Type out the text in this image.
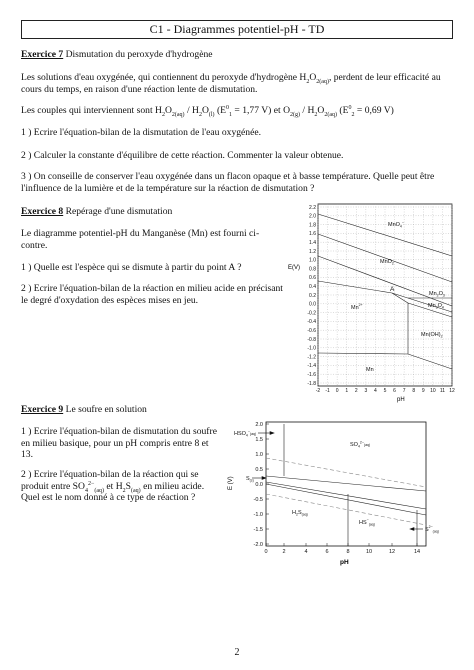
C1 - Diagrammes potentiel-pH - TD
Exercice 7 Dismutation du peroxyde d'hydrogène
Les solutions d'eau oxygénée, qui contiennent du peroxyde d'hydrogène $H_2O_{2(aq)}$, perdent de leur efficacité au cours du temps, en raison d'une réaction lente de dismutation.
Les couples qui interviennent sont $H_2O_{2(aq)} / H_2O_{(l)}$ ($E^0_1 = 1,77$ V) et $O_{2(g)} / H_2O_{2(aq)}$ ($E^0_2 = 0,69$ V)
1 ) Ecrire l'équation-bilan de la dismutation de l'eau oxygénée.
2 ) Calculer la constante d'équilibre de cette réaction. Commenter la valeur obtenue.
3 ) On conseille de conserver l'eau oxygénée dans un flacon opaque et à basse température. Quelle peut être l'influence de la lumière et de la température sur la réaction de dismutation ?
Exercice 8 Repérage d'une dismutation
Le diagramme potentiel-pH du Manganèse (Mn) est fourni ci-contre.
1 ) Quelle est l'espèce qui se dismute à partir du point A ?
2 ) Ecrire l'équation-bilan de la réaction en milieu acide en précisant le degré d'oxydation des espèces mises en jeu.
2.2
2.0
1.8
1.6
1.4
1.2
1.0
0.8
0.6
0.4
0.2
0.0
-0.2
-0.4
-0.6
-0.8
-1.0
-1.2
-1.4
-1.6
-1.8
-2 -1 0 1 2 3 4 5 6 7 8 9 10 11 12
E(V)
pH
MnO$_4$−
MnO$_2$
$Mn_2O_3$
$Mn_3O_4$
$Mn^{2+}$
$Mn(OH)_2$
Mn
A
Exercice 9 Le soufre en solution
1 ) Ecrire l'équation-bilan de dismutation du soufre en milieu basique, pour un pH compris entre 8 et 13.
2 ) Ecrire l'équation-bilan de la réaction qui se produit entre $SO_4^{2-}_{(aq)}$ et $H_2S_{(aq)}$ en milieu acide. Quel est le nom donné à ce type de réaction ?
2.0
1.5
1.0
0.5
0.0
-0.5
-1.0
-1.5
-2.0
0	2	4	6	8	10	12	14
E (V)
pH
$HSO_4^-_{(aq)}$
$SO_4^{2-}_{(aq)}$
$S_{(s)}$
$H_2S_{(aq)}$
$HS^-_{(aq)}$
$S^{2-}_{(aq)}$
2
